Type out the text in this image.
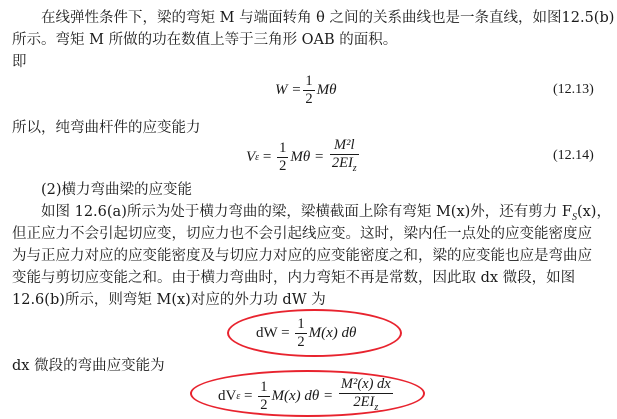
在线弹性条件下，梁的弯矩 M 与端面转角 θ 之间的关系曲线也是一条直线，如图12.5(b)
所示。弯矩 M 所做的功在数值上等于三角形 OAB 的面积。
即
$W = \frac{1}{2}$ Mθ	(12.13)
所以，纯弯曲杆件的应变能力
V $\varepsilon = \frac{1}{2}$ $M\theta = \frac{\text{M²l}}{2EI_z}$	(12.14)
(2)横力弯曲梁的应变能
如图 12.6(a)所示为处于横力弯曲的梁，梁横截面上除有弯矩 M(x)外，还有剪力 $F_S(x)$，
但正应力不会引起切应变，切应力也不会引起线应变。这时，梁内任一点处的应变能密度应
为与正应力对应的应变能密度及与切应力对应的应变能密度之和，梁的应变能也应是弯曲应
变能与剪切应变能之和。由于横力弯曲时，内力弯矩不再是常数，因此取 dx 微段，如图
12.6(b)所示，则弯矩 M(x)对应的外力功 dW 为
dW = $\frac{1}{2} M(x)$ dθ
dx 微段的弯曲应变能为
dV $\varepsilon = \frac{1}{2} M(x) d\theta = \frac{\text{M²(x) dx}}{2EI_z}$
